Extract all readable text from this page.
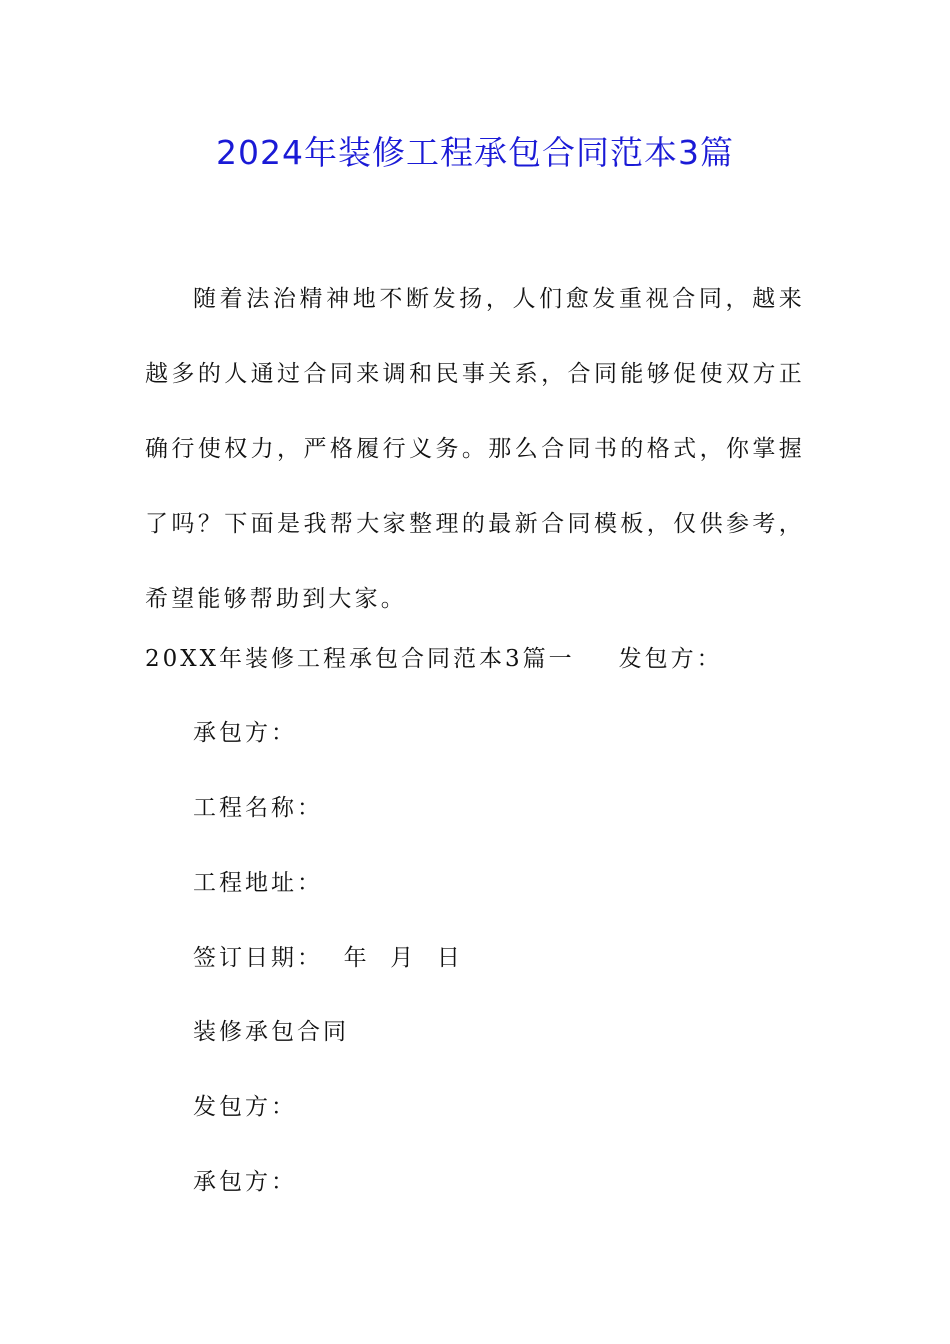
2024年装修工程承包合同范本3篇

随着法治精神地不断发扬，人们愈发重视合同，越来越多的人通过合同来调和民事关系，合同能够促使双方正确行使权力，严格履行义务。那么合同书的格式，你掌握了吗？下面是我帮大家整理的最新合同模板，仅供参考，希望能够帮助到大家。

20XX年装修工程承包合同范本3篇一 发包方：

承包方：

工程名称：

工程地址：

签订日期：  年  月  日

装修承包合同

发包方：

承包方：
